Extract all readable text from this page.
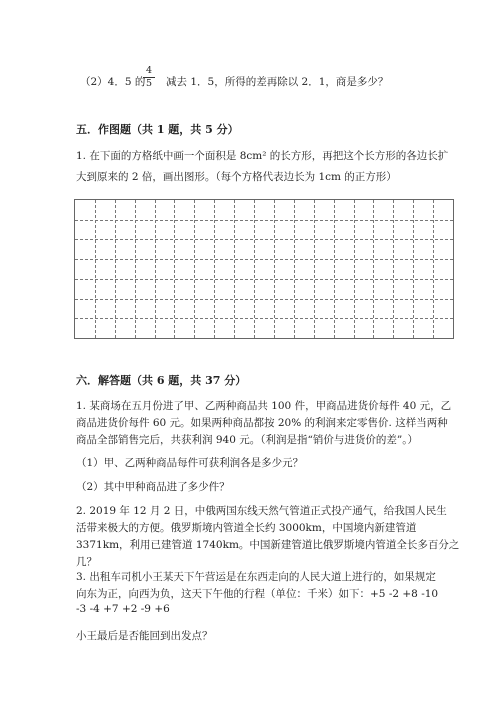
（2）4．5 的
4
5	减去 1．5，所得的差再除以 2．1，商是多少？
五．作图题（共 1 题，共 5 分）
1. 在下面的方格纸中画一个面积是 8cm² 的长方形，再把这个长方形的各边长扩
大到原来的 2 倍，画出图形。（每个方格代表边长为 1cm 的正方形）
六．解答题（共 6 题，共 37 分）
1. 某商场在五月份进了甲、乙两种商品共 100 件，甲商品进货价每件 40 元，乙
商品进货价每件 60 元。如果两种商品都按 20% 的利润来定零售价. 这样当两种
商品全部销售完后，共获利润 940 元。（利润是指“销价与进货价的差”。）
（1）甲、乙两种商品每件可获利润各是多少元？
（2）其中甲种商品进了多少件？
2. 2019 年 12 月 2 日，中俄两国东线天然气管道正式投产通气，给我国人民生
活带来极大的方便。俄罗斯境内管道全长约 3000km，中国境内新建管道
3371km，利用已建管道 1740km。中国新建管道比俄罗斯境内管道全长多百分之
几？
3. 出租车司机小王某天下午营运是在东西走向的人民大道上进行的，如果规定
向东为正，向西为负，这天下午他的行程（单位：千米）如下：+5 -2 +8 -10
-3 -4 +7 +2 -9 +6
小王最后是否能回到出发点？
